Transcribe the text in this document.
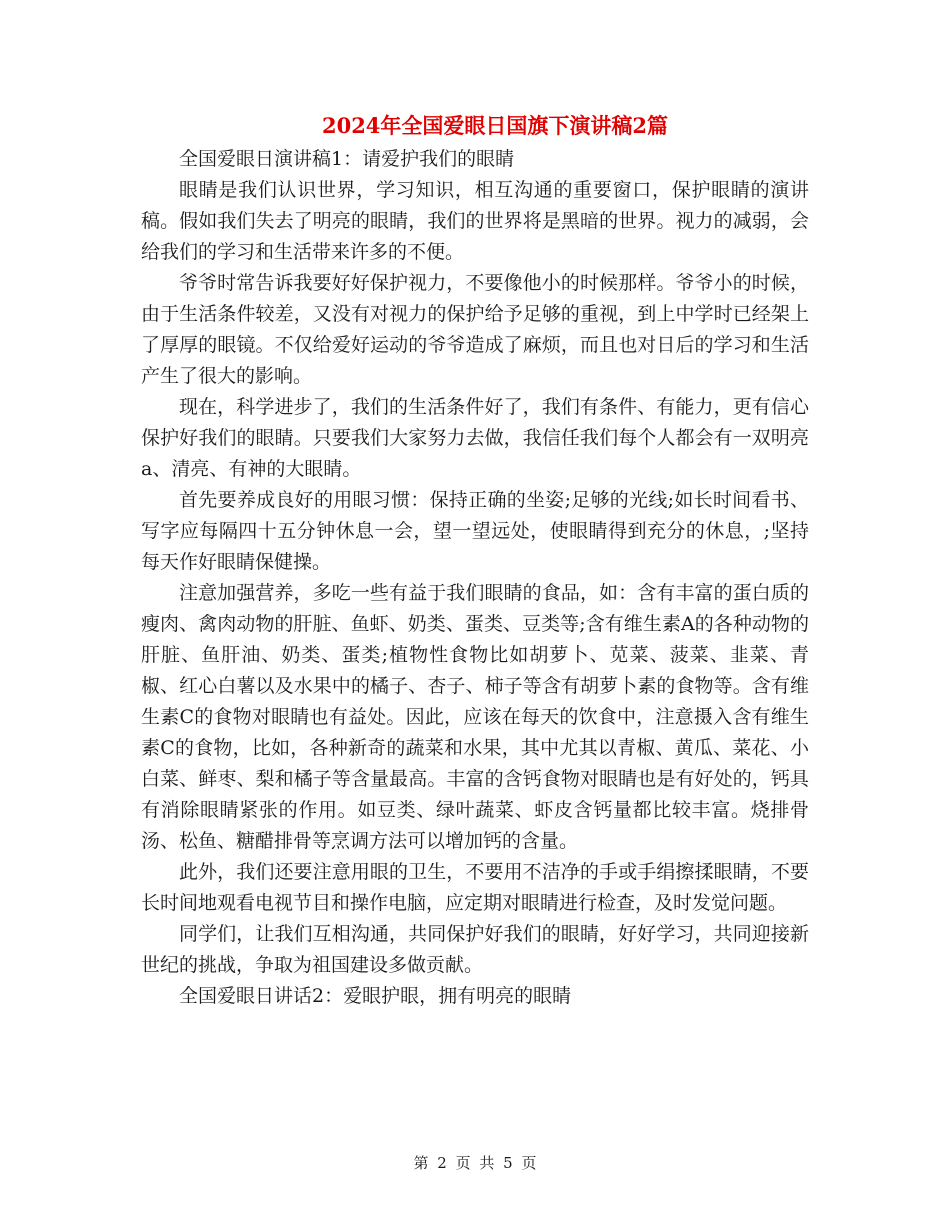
2024年全国爱眼日国旗下演讲稿2篇

全国爱眼日演讲稿1：请爱护我们的眼睛

眼睛是我们认识世界，学习知识，相互沟通的重要窗口，保护眼睛的演讲稿。假如我们失去了明亮的眼睛，我们的世界将是黑暗的世界。视力的减弱，会给我们的学习和生活带来许多的不便。

爷爷时常告诉我要好好保护视力，不要像他小的时候那样。爷爷小的时候，由于生活条件较差，又没有对视力的保护给予足够的重视，到上中学时已经架上了厚厚的眼镜。不仅给爱好运动的爷爷造成了麻烦，而且也对日后的学习和生活产生了很大的影响。

现在，科学进步了，我们的生活条件好了，我们有条件、有能力，更有信心保护好我们的眼睛。只要我们大家努力去做，我信任我们每个人都会有一双明亮a、清亮、有神的大眼睛。

首先要养成良好的用眼习惯：保持正确的坐姿;足够的光线;如长时间看书、写字应每隔四十五分钟休息一会，望一望远处，使眼睛得到充分的休息，;坚持每天作好眼睛保健操。

注意加强营养，多吃一些有益于我们眼睛的食品，如：含有丰富的蛋白质的瘦肉、禽肉动物的肝脏、鱼虾、奶类、蛋类、豆类等;含有维生素A的各种动物的肝脏、鱼肝油、奶类、蛋类;植物性食物比如胡萝卜、苋菜、菠菜、韭菜、青椒、红心白薯以及水果中的橘子、杏子、柿子等含有胡萝卜素的食物等。含有维生素C的食物对眼睛也有益处。因此，应该在每天的饮食中，注意摄入含有维生素C的食物，比如，各种新奇的蔬菜和水果，其中尤其以青椒、黄瓜、菜花、小白菜、鲜枣、梨和橘子等含量最高。丰富的含钙食物对眼睛也是有好处的，钙具有消除眼睛紧张的作用。如豆类、绿叶蔬菜、虾皮含钙量都比较丰富。烧排骨汤、松鱼、糖醋排骨等烹调方法可以增加钙的含量。

此外，我们还要注意用眼的卫生，不要用不洁净的手或手绢擦揉眼睛，不要长时间地观看电视节目和操作电脑，应定期对眼睛进行检查，及时发觉问题。

同学们，让我们互相沟通，共同保护好我们的眼睛，好好学习，共同迎接新世纪的挑战，争取为祖国建设多做贡献。

全国爱眼日讲话2：爱眼护眼，拥有明亮的眼睛

第 2 页 共 5 页
